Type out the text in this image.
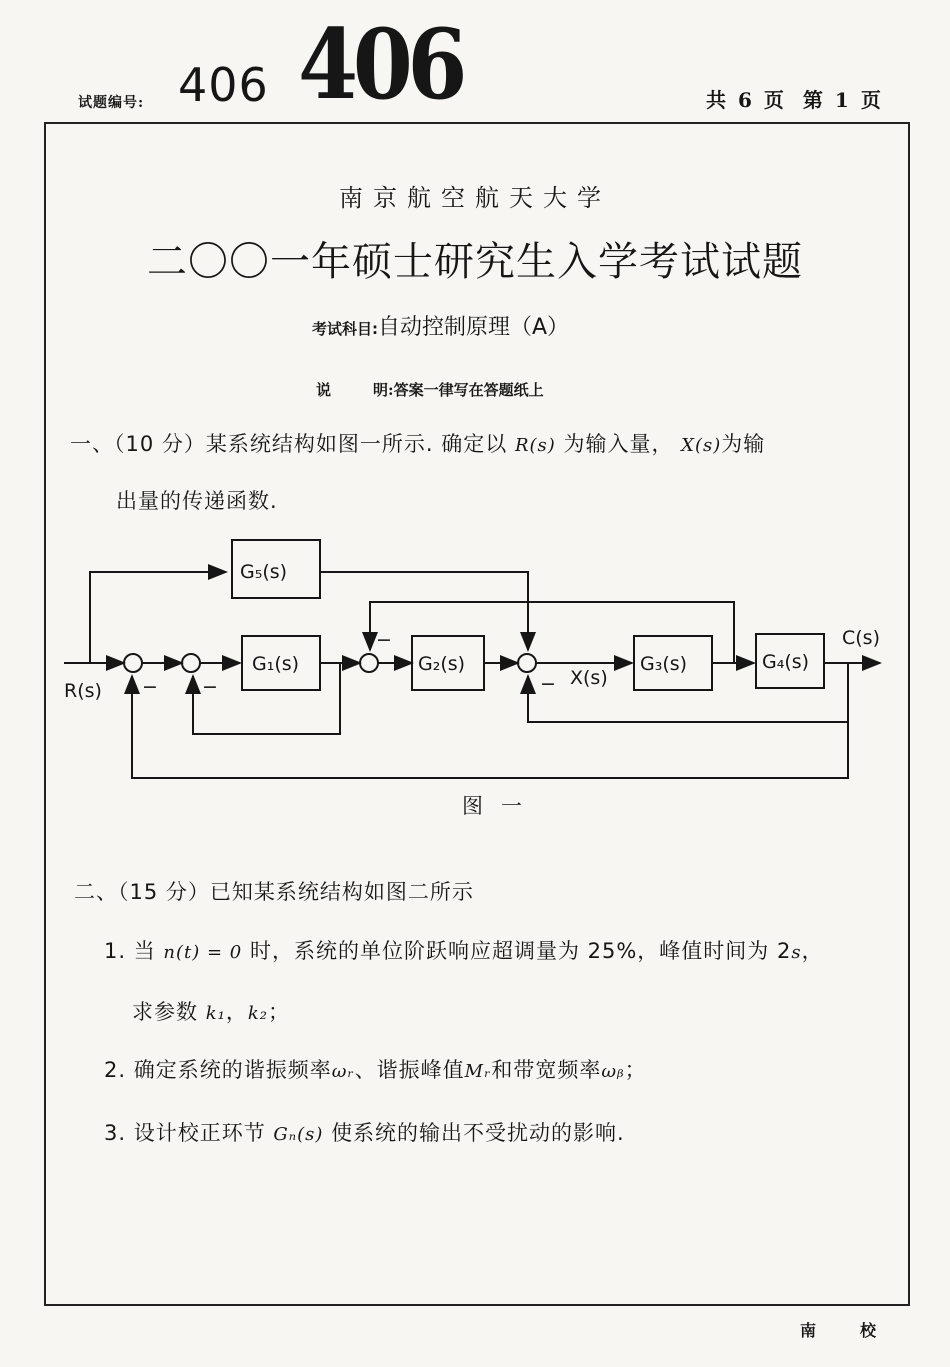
试题编号: 406 406	共 6 页 第 1 页
南京航空航天大学
二〇〇一年硕士研究生入学考试试题
考试科目:自动控制原理（A）
说	明:答案一律写在答题纸上
一、（10 分）某系统结构如图一所示. 确定以 R(s) 为输入量， X(s)为输
出量的传递函数.
G₅(s)
G₁(s)	G₂(s)	G₃(s)	G₄(s)
R(s)
C(s)
X(s)
− −
−
−
图一
二、（15 分）已知某系统结构如图二所示
1. 当 n(t) = 0 时，系统的单位阶跃响应超调量为 25%，峰值时间为 2s，
求参数 k₁，k₂；
2. 确定系统的谐振频率ωᵣ、谐振峰值Mᵣ和带宽频率ωᵦ；
3. 设计校正环节 Gₙ(s) 使系统的输出不受扰动的影响.
南	校
